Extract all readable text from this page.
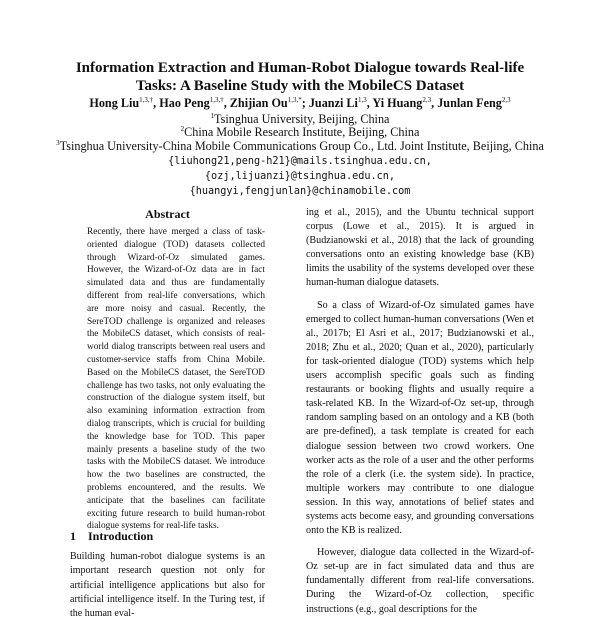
Information Extraction and Human-Robot Dialogue towards Real-life
Tasks: A Baseline Study with the MobileCS Dataset
Hong Liu$^{1,3,\dagger}$, Hao Peng$^{1,3,\dagger}$, Zhijian $Ou^{1,3,*}$; Juanzi Li$^{1,3}$, Yi Huang$^{2,3}$, Junlan Feng$^{2,3}$
$^1$Tsinghua University, Beijing, China
$^2$China Mobile Research Institute, Beijing, China
$^3$Tsinghua University-China Mobile Communications Group Co., Ltd. Joint Institute, Beijing, China
{liuhong21,peng-h21}@mails.tsinghua.edu.cn,
{ozj,lijuanzi}@tsinghua.edu.cn,
{huangyi,fengjunlan}@chinamobile.com
Abstract
Recently, there have merged a class of task-oriented dialogue (TOD) datasets collected through Wizard-of-Oz simulated games. However, the Wizard-of-Oz data are in fact simulated data and thus are fundamentally different from real-life conversations, which are more noisy and casual. Recently, the SereTOD challenge is organized and releases the MobileCS dataset, which consists of real-world dialog transcripts between real users and customer-service staffs from China Mobile. Based on the MobileCS dataset, the SereTOD challenge has two tasks, not only evaluating the construction of the dialogue system itself, but also examining information extraction from dialog transcripts, which is crucial for building the knowledge base for TOD. This paper mainly presents a baseline study of the two tasks with the MobileCS dataset. We introduce how the two baselines are constructed, the problems encountered, and the results. We anticipate that the baselines can facilitate exciting future research to build human-robot dialogue systems for real-life tasks.
1 Introduction
Building human-robot dialogue systems is an important research question not only for artificial intelligence applications but also for artificial intelligence itself. In the Turing test, if the human eval-

ing et al., 2015), and the Ubuntu technical support corpus (Lowe et al., 2015). It is argued in (Budzianowski et al., 2018) that the lack of grounding conversations onto an existing knowledge base (KB) limits the usability of the systems developed over these human-human dialogue datasets.

So a class of Wizard-of-Oz simulated games have emerged to collect human-human conversations (Wen et al., 2017b; El Asri et al., 2017; Budzianowski et al., 2018; Zhu et al., 2020; Quan et al., 2020), particularly for task-oriented dialogue (TOD) systems which help users accomplish specific goals such as finding restaurants or booking flights and usually require a task-related KB. In the Wizard-of-Oz set-up, through random sampling based on an ontology and a KB (both are pre-defined), a task template is created for each dialogue session between two crowd workers. One worker acts as the role of a user and the other performs the role of a clerk (i.e. the system side). In practice, multiple workers may contribute to one dialogue session. In this way, annotations of belief states and systems acts become easy, and grounding conversations onto the KB is realized.

However, dialogue data collected in the Wizard-of-Oz set-up are in fact simulated data and thus are fundamentally different from real-life conversations. During the Wizard-of-Oz collection, specific instructions (e.g., goal descriptions for the
